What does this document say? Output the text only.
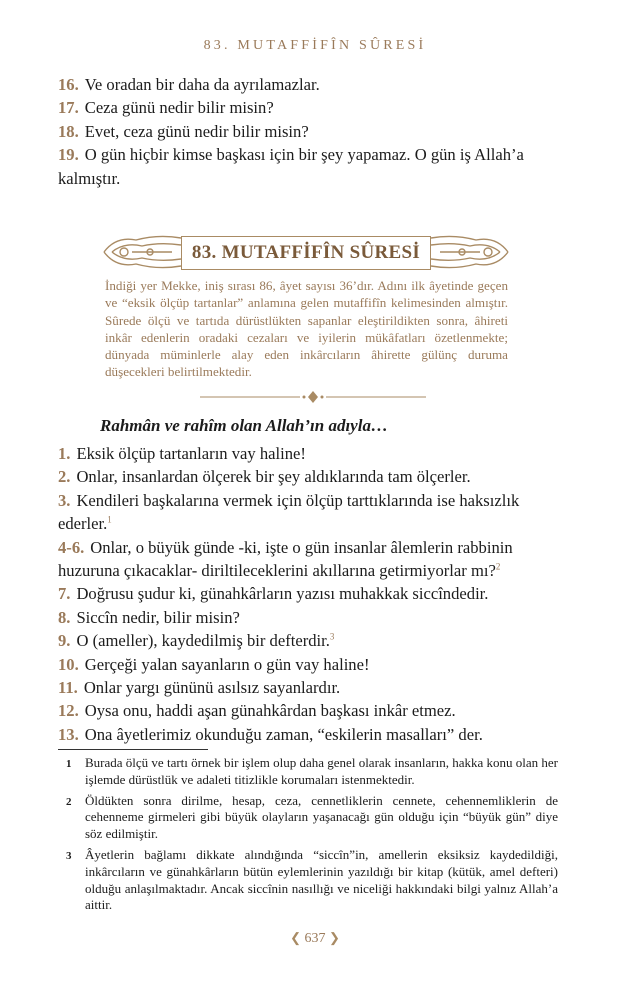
83. MUTAFFİFÎN SÛRESİ

16. Ve oradan bir daha da ayrılamazlar.

17. Ceza günü nedir bilir misin?

18. Evet, ceza günü nedir bilir misin?

19. O gün hiçbir kimse başkası için bir şey yapamaz. O gün iş Allah’a kalmıştır.

83. MUTAFFİFÎN SÛRESİ
İndiği yer Mekke, iniş sırası 86, âyet sayısı 36’dır. Adını ilk âyetinde geçen ve “eksik ölçüp tartanlar” anlamına gelen mutaffifîn kelimesinden almıştır. Sûrede ölçü ve tartıda dürüstlükten sapanlar eleştirildikten sonra, âhireti inkâr edenlerin oradaki cezaları ve iyilerin mükâfatları özetlenmekte; dünyada müminlerle alay eden inkârcıların âhirette gülünç duruma düşecekleri belirtilmektedir.
Rahmân ve rahîm olan Allah’ın adıyla…

1. Eksik ölçüp tartanların vay haline!

2. Onlar, insanlardan ölçerek bir şey aldıklarında tam ölçerler.

3. Kendileri başkalarına vermek için ölçüp tarttıklarında ise haksızlık ederler.$^1$

4-6. Onlar, o büyük günde -ki, işte o gün insanlar âlemlerin rabbinin huzuruna çıkacaklar- diriltileceklerini akıllarına getirmiyorlar mı?$^2$

7. Doğrusu şudur ki, günahkârların yazısı muhakkak siccîndedir.

8. Siccîn nedir, bilir misin?

9. O (ameller), kaydedilmiş bir defterdir.$^3$

10. Gerçeği yalan sayanların o gün vay haline!

11. Onlar yargı gününü asılsız sayanlardır.

12. Oysa onu, haddi aşan günahkârdan başkası inkâr etmez.

13. Ona âyetlerimiz okunduğu zaman, “eskilerin masalları” der.

1	Burada ölçü ve tartı örnek bir işlem olup daha genel olarak insanların, hakka konu olan her işlemde dürüstlük ve adaleti titizlikle korumaları istenmektedir.
2	Öldükten sonra dirilme, hesap, ceza, cennetliklerin cennete, cehennemliklerin de cehenneme girmeleri gibi büyük olayların yaşanacağı gün olduğu için “büyük gün” diye söz edilmiştir.
3	Âyetlerin bağlamı dikkate alındığında “siccîn”in, amellerin eksiksiz kaydedildiği, inkârcıların ve günahkârların bütün eylemlerinin yazıldığı bir kitap (kütük, amel defteri) olduğu anlaşılmaktadır. Ancak siccînin nasıllığı ve niceliği hakkındaki bilgi yalnız Allah’a aittir.
❮ 637 ❯
